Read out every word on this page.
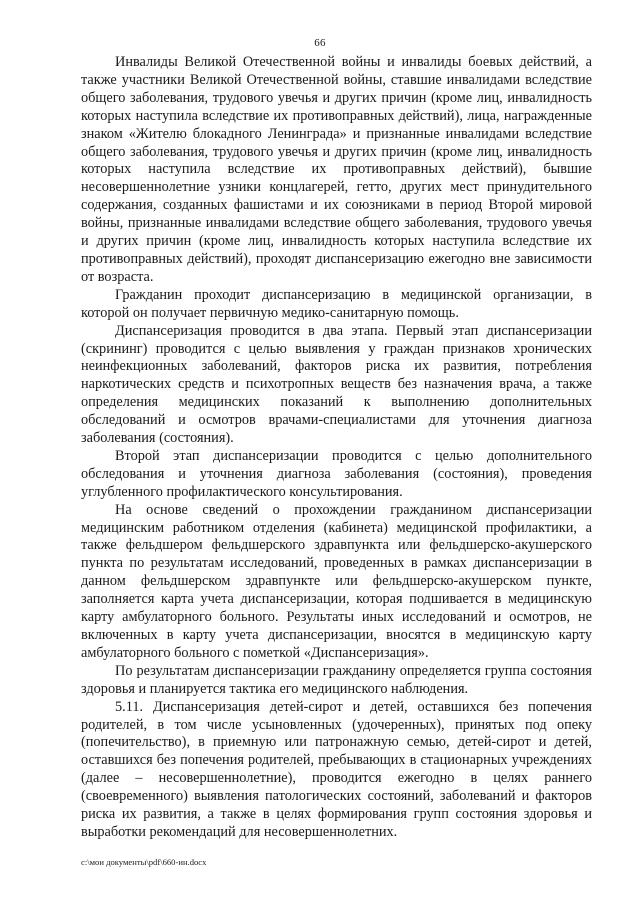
66

Инвалиды Великой Отечественной войны и инвалиды боевых действий, а также участники Великой Отечественной войны, ставшие инвалидами вследствие общего заболевания, трудового увечья и других причин (кроме лиц, инвалидность которых наступила вследствие их противоправных действий), лица, награжденные знаком «Жителю блокадного Ленинграда» и признанные инвалидами вследствие общего заболевания, трудового увечья и других причин (кроме лиц, инвалидность которых наступила вследствие их противоправных действий), бывшие несовершеннолетние узники концлагерей, гетто, других мест принудительного содержания, созданных фашистами и их союзниками в период Второй мировой войны, признанные инвалидами вследствие общего заболевания, трудового увечья и других причин (кроме лиц, инвалидность которых наступила вследствие их противоправных действий), проходят диспансеризацию ежегодно вне зависимости от возраста.

Гражданин проходит диспансеризацию в медицинской организации, в которой он получает первичную медико-санитарную помощь.

Диспансеризация проводится в два этапа. Первый этап диспансеризации (скрининг) проводится с целью выявления у граждан признаков хронических неинфекционных заболеваний, факторов риска их развития, потребления наркотических средств и психотропных веществ без назначения врача, а также определения медицинских показаний к выполнению дополнительных обследований и осмотров врачами-специалистами для уточнения диагноза заболевания (состояния).

Второй этап диспансеризации проводится с целью дополнительного обследования и уточнения диагноза заболевания (состояния), проведения углубленного профилактического консультирования.

На основе сведений о прохождении гражданином диспансеризации медицинским работником отделения (кабинета) медицинской профилактики, а также фельдшером фельдшерского здравпункта или фельдшерско-акушерского пункта по результатам исследований, проведенных в рамках диспансеризации в данном фельдшерском здравпункте или фельдшерско-акушерском пункте, заполняется карта учета диспансеризации, которая подшивается в медицинскую карту амбулаторного больного. Результаты иных исследований и осмотров, не включенных в карту учета диспансеризации, вносятся в медицинскую карту амбулаторного больного с пометкой «Диспансеризация».

По результатам диспансеризации гражданину определяется группа состояния здоровья и планируется тактика его медицинского наблюдения.

5.11. Диспансеризация детей-сирот и детей, оставшихся без попечения родителей, в том числе усыновленных (удочеренных), принятых под опеку (попечительство), в приемную или патронажную семью, детей-сирот и детей, оставшихся без попечения родителей, пребывающих в стационарных учреждениях (далее – несовершеннолетние), проводится ежегодно в целях раннего (своевременного) выявления патологических состояний, заболеваний и факторов риска их развития, а также в целях формирования групп состояния здоровья и выработки рекомендаций для несовершеннолетних.

c:\мои документы\pdf\660-ин.docx
